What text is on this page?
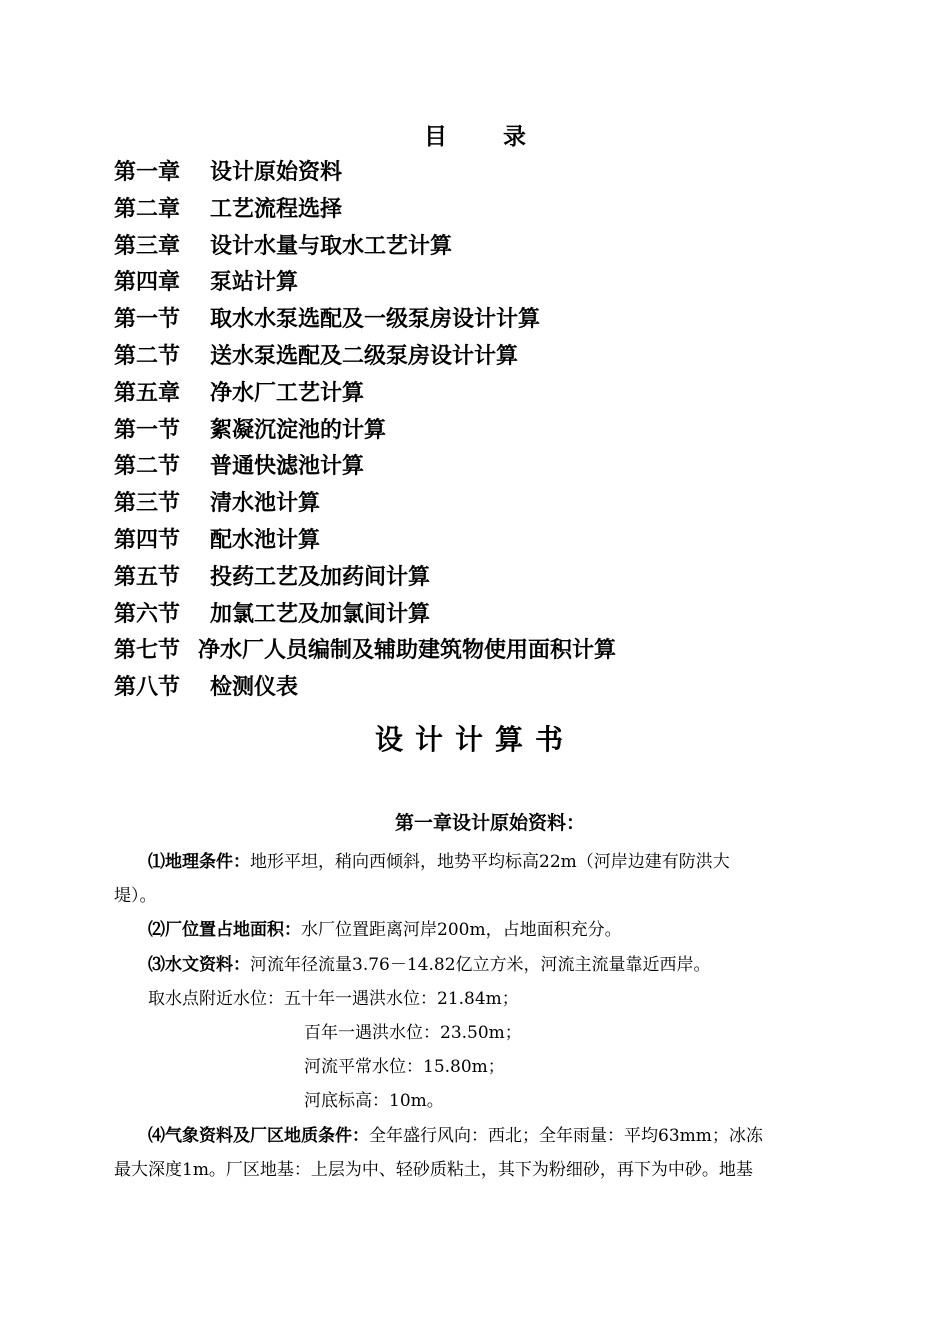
目 录
第一章 设计原始资料
第二章 工艺流程选择
第三章 设计水量与取水工艺计算
第四章 泵站计算
第一节 取水水泵选配及一级泵房设计计算
第二节 送水泵选配及二级泵房设计计算
第五章 净水厂工艺计算
第一节 絮凝沉淀池的计算
第二节 普通快滤池计算
第三节 清水池计算
第四节 配水池计算
第五节 投药工艺及加药间计算
第六节 加氯工艺及加氯间计算
第七节 净水厂人员编制及辅助建筑物使用面积计算
第八节 检测仪表
设计计算书
第一章设计原始资料：
⑴地理条件：地形平坦，稍向西倾斜，地势平均标高22m（河岸边建有防洪大
堤）。
⑵厂位置占地面积：水厂位置距离河岸200m，占地面积充分。
⑶水文资料：河流年径流量3.76－14.82亿立方米，河流主流量靠近西岸。
取水点附近水位：五十年一遇洪水位：21.84m；
百年一遇洪水位：23.50m；
河流平常水位：15.80m；
河底标高：10m。
⑷气象资料及厂区地质条件：全年盛行风向：西北；全年雨量：平均63mm；冰冻
最大深度1m。厂区地基：上层为中、轻砂质粘土，其下为粉细砂，再下为中砂。地基
